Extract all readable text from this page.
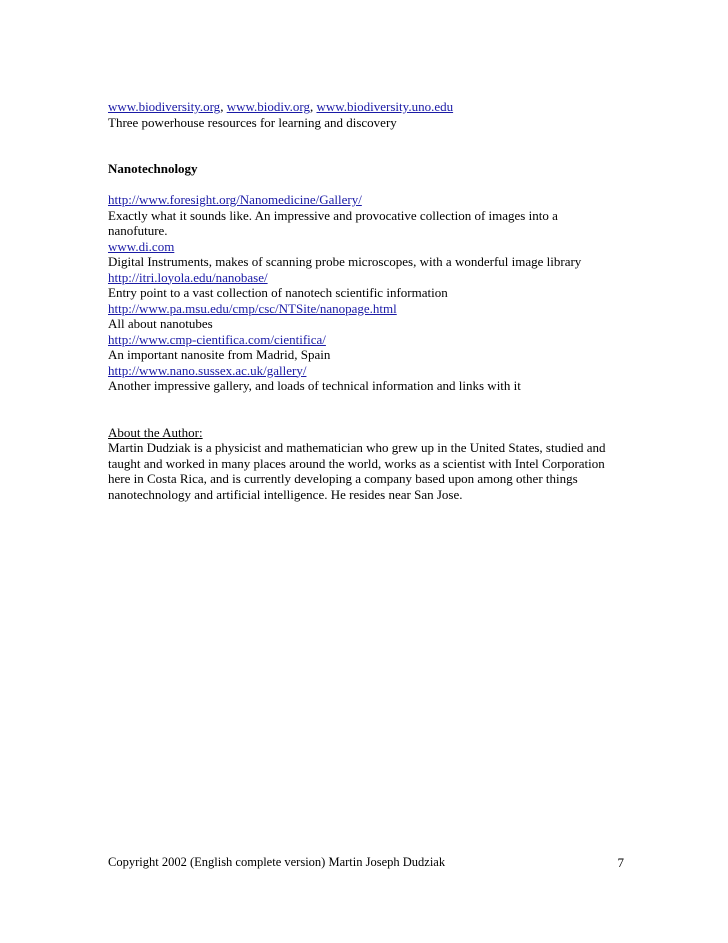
www.biodiversity.org, www.biodiv.org, www.biodiversity.uno.edu
Three powerhouse resources for learning and discovery
Nanotechnology
http://www.foresight.org/Nanomedicine/Gallery/
Exactly what it sounds like. An impressive and provocative collection of images into a nanofuture.
www.di.com
Digital Instruments, makes of scanning probe microscopes, with a wonderful image library
http://itri.loyola.edu/nanobase/
Entry point to a vast collection of nanotech scientific information
http://www.pa.msu.edu/cmp/csc/NTSite/nanopage.html
All about nanotubes
http://www.cmp-cientifica.com/cientifica/
An important nanosite from Madrid, Spain
http://www.nano.sussex.ac.uk/gallery/
Another impressive gallery, and loads of technical information and links with it
About the Author:
Martin Dudziak is a physicist and mathematician who grew up in the United States, studied and taught and worked in many places around the world, works as a scientist with Intel Corporation here in Costa Rica, and is currently developing a company based upon among other things nanotechnology and artificial intelligence. He resides near San Jose.
Copyright 2002 (English complete version) Martin Joseph Dudziak	7
